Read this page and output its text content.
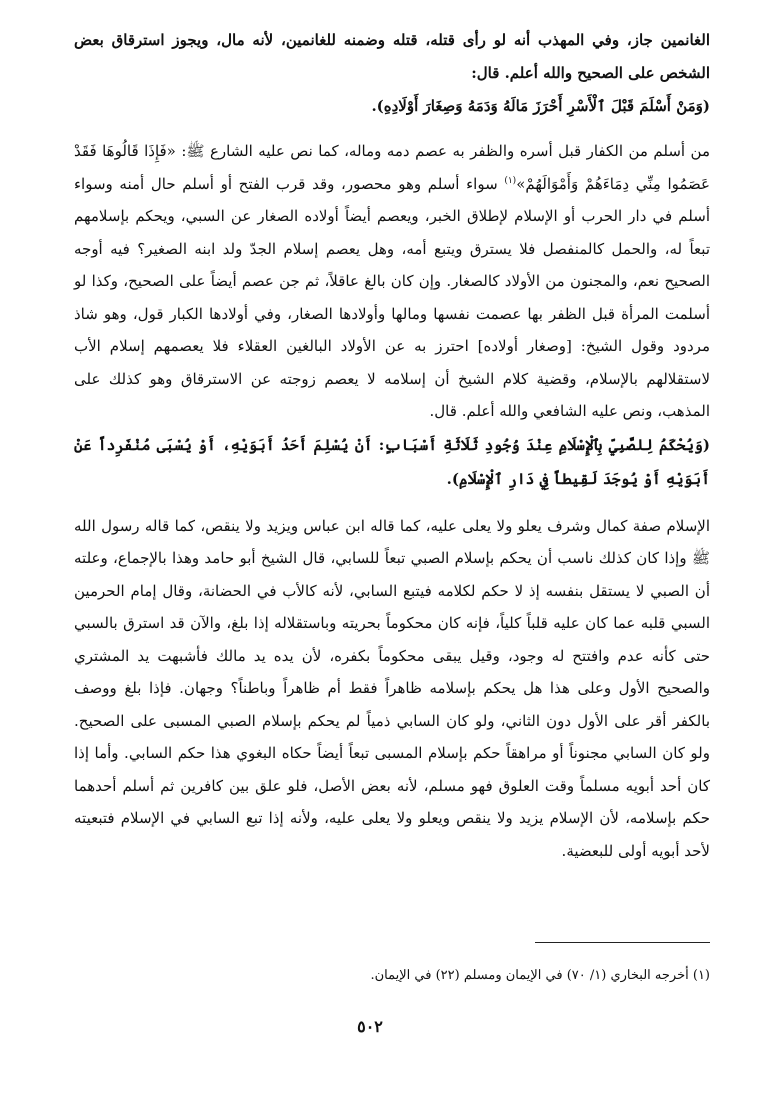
الغانمين جاز، وفي المهذب أنه لو رأى قتله، قتله وضمنه للغانمين، لأنه مال، ويجوز استرقاق بعض الشخص على الصحيح والله أعلم. قال:

(وَمَنْ أَسْلَمَ قَبْلَ ٱلْأَسْرِ أَحْرَزَ مَالَهُ وَدَمَهُ وَصِغَارَ أَوْلَادِهِ).

من أسلم من الكفار قبل أسره والظفر به عصم دمه وماله، كما نص عليه الشارع ﷺ: «فَإِذَا قَالُوهَا فَقَدْ عَصَمُوا مِنِّي دِمَاءَهُمْ وَأَمْوَالَهُمْ»$^{(١)}$ سواء أسلم وهو محصور، وقد قرب الفتح أو أسلم حال أمنه وسواء أسلم في دار الحرب أو الإسلام لإطلاق الخبر، ويعصم أيضاً أولاده الصغار عن السبي، ويحكم بإسلامهم تبعاً له، والحمل كالمنفصل فلا يسترق ويتبع أمه، وهل يعصم إسلام الجدّ ولد ابنه الصغير؟ فيه أوجه الصحيح نعم، والمجنون من الأولاد كالصغار. وإن كان بالغ عاقلاً، ثم جن عصم أيضاً على الصحيح، وكذا لو أسلمت المرأة قبل الظفر بها عصمت نفسها ومالها وأولادها الصغار، وفي أولادها الكبار قول، وهو شاذ مردود وقول الشيخ: [وصغار أولاده] احترز به عن الأولاد البالغين العقلاء فلا يعصمهم إسلام الأب لاستقلالهم بالإسلام، وقضية كلام الشيخ أن إسلامه لا يعصم زوجته عن الاسترقاق وهو كذلك على المذهب، ونص عليه الشافعي والله أعلم. قال.

(وَيُحْكَمُ لِلصَّبِيِّ بِٱلْإِسْلَامِ عِنْدَ وُجُودِ ثَلَاثَةِ أَسْبَابٍ: أَنْ يُسْلِمَ أَحَدُ أَبَوَيْهِ، أَوْ يُسْبَى مُنْفَرِداً عَنْ أَبَوَيْهِ أَوْ يُوجَدَ لَقِيطاً فِي دَارِ ٱلْإِسْلَامِ).

الإسلام صفة كمال وشرف يعلو ولا يعلى عليه، كما قاله ابن عباس ويزيد ولا ينقص، كما قاله رسول الله ﷺ وإذا كان كذلك ناسب أن يحكم بإسلام الصبي تبعاً للسابي، قال الشيخ أبو حامد وهذا بالإجماع، وعلته أن الصبي لا يستقل بنفسه إذ لا حكم لكلامه فيتبع السابي، لأنه كالأب في الحضانة، وقال إمام الحرمين السبي قلبه عما كان عليه قلباً كلياً، فإنه كان محكوماً بحريته وباستقلاله إذا بلغ، والآن قد استرق بالسبي حتى كأنه عدم وافتتح له وجود، وقيل يبقى محكوماً بكفره، لأن يده يد مالك فأشبهت يد المشتري والصحيح الأول وعلى هذا هل يحكم بإسلامه ظاهراً فقط أم ظاهراً وباطناً؟ وجهان. فإذا بلغ ووصف بالكفر أقر على الأول دون الثاني، ولو كان السابي ذمياً لم يحكم بإسلام الصبي المسبى على الصحيح. ولو كان السابي مجنوناً أو مراهقاً حكم بإسلام المسبى تبعاً أيضاً حكاه البغوي هذا حكم السابي. وأما إذا كان أحد أبويه مسلماً وقت العلوق فهو مسلم، لأنه بعض الأصل، فلو علق بين كافرين ثم أسلم أحدهما حكم بإسلامه، لأن الإسلام يزيد ولا ينقص ويعلو ولا يعلى عليه، ولأنه إذا تبع السابي في الإسلام فتبعيته لأحد أبويه أولى للبعضية.

(١) أخرجه البخاري (١/ ٧٠) في الإيمان ومسلم (٢٢) في الإيمان.
٥٠٢
